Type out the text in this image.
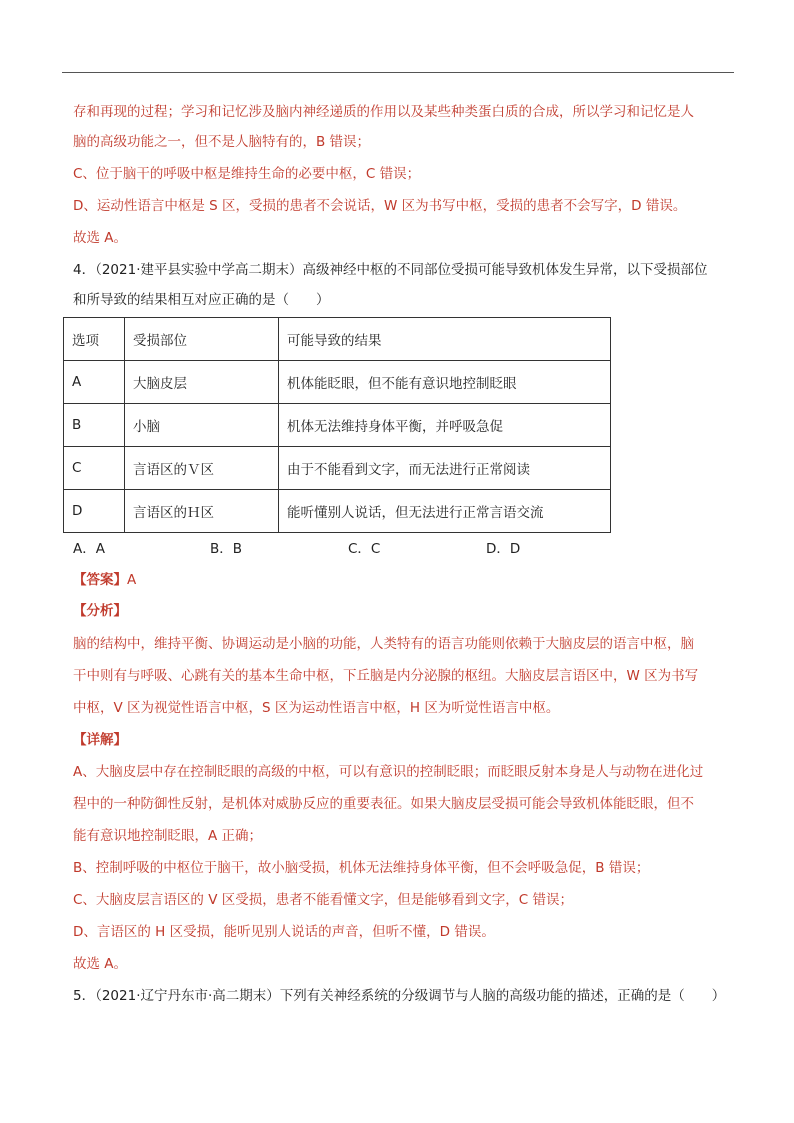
存和再现的过程；学习和记忆涉及脑内神经递质的作用以及某些种类蛋白质的合成，所以学习和记忆是人
脑的高级功能之一，但不是人脑特有的，B 错误；
C、位于脑干的呼吸中枢是维持生命的必要中枢，C 错误；
D、运动性语言中枢是 S 区，受损的患者不会说话，W 区为书写中枢，受损的患者不会写字，D 错误。
故选 A。
4．（2021·建平县实验中学高二期末）高级神经中枢的不同部位受损可能导致机体发生异常，以下受损部位
和所导致的结果相互对应正确的是（　　）
选项	受损部位	可能导致的结果
A	大脑皮层	机体能眨眼，但不能有意识地控制眨眼
B	小脑	机体无法维持身体平衡，并呼吸急促
C	言语区的Ｖ区	由于不能看到文字，而无法进行正常阅读
D	言语区的Ｈ区	能听懂别人说话，但无法进行正常言语交流
A．A	B．B	C．C	D．D
【答案】A
【分析】
脑的结构中，维持平衡、协调运动是小脑的功能，人类特有的语言功能则依赖于大脑皮层的语言中枢，脑
干中则有与呼吸、心跳有关的基本生命中枢，下丘脑是内分泌腺的枢纽。大脑皮层言语区中，W 区为书写
中枢，V 区为视觉性语言中枢，S 区为运动性语言中枢，H 区为听觉性语言中枢。
【详解】
A、大脑皮层中存在控制眨眼的高级的中枢，可以有意识的控制眨眼；而眨眼反射本身是人与动物在进化过
程中的一种防御性反射，是机体对威胁反应的重要表征。如果大脑皮层受损可能会导致机体能眨眼，但不
能有意识地控制眨眼，A 正确；
B、控制呼吸的中枢位于脑干，故小脑受损，机体无法维持身体平衡，但不会呼吸急促，B 错误；
C、大脑皮层言语区的 V 区受损，患者不能看懂文字，但是能够看到文字，C 错误；
D、言语区的 H 区受损，能听见别人说话的声音，但听不懂，D 错误。
故选 A。
5．（2021·辽宁丹东市·高二期末）下列有关神经系统的分级调节与人脑的高级功能的描述，正确的是（　　）
